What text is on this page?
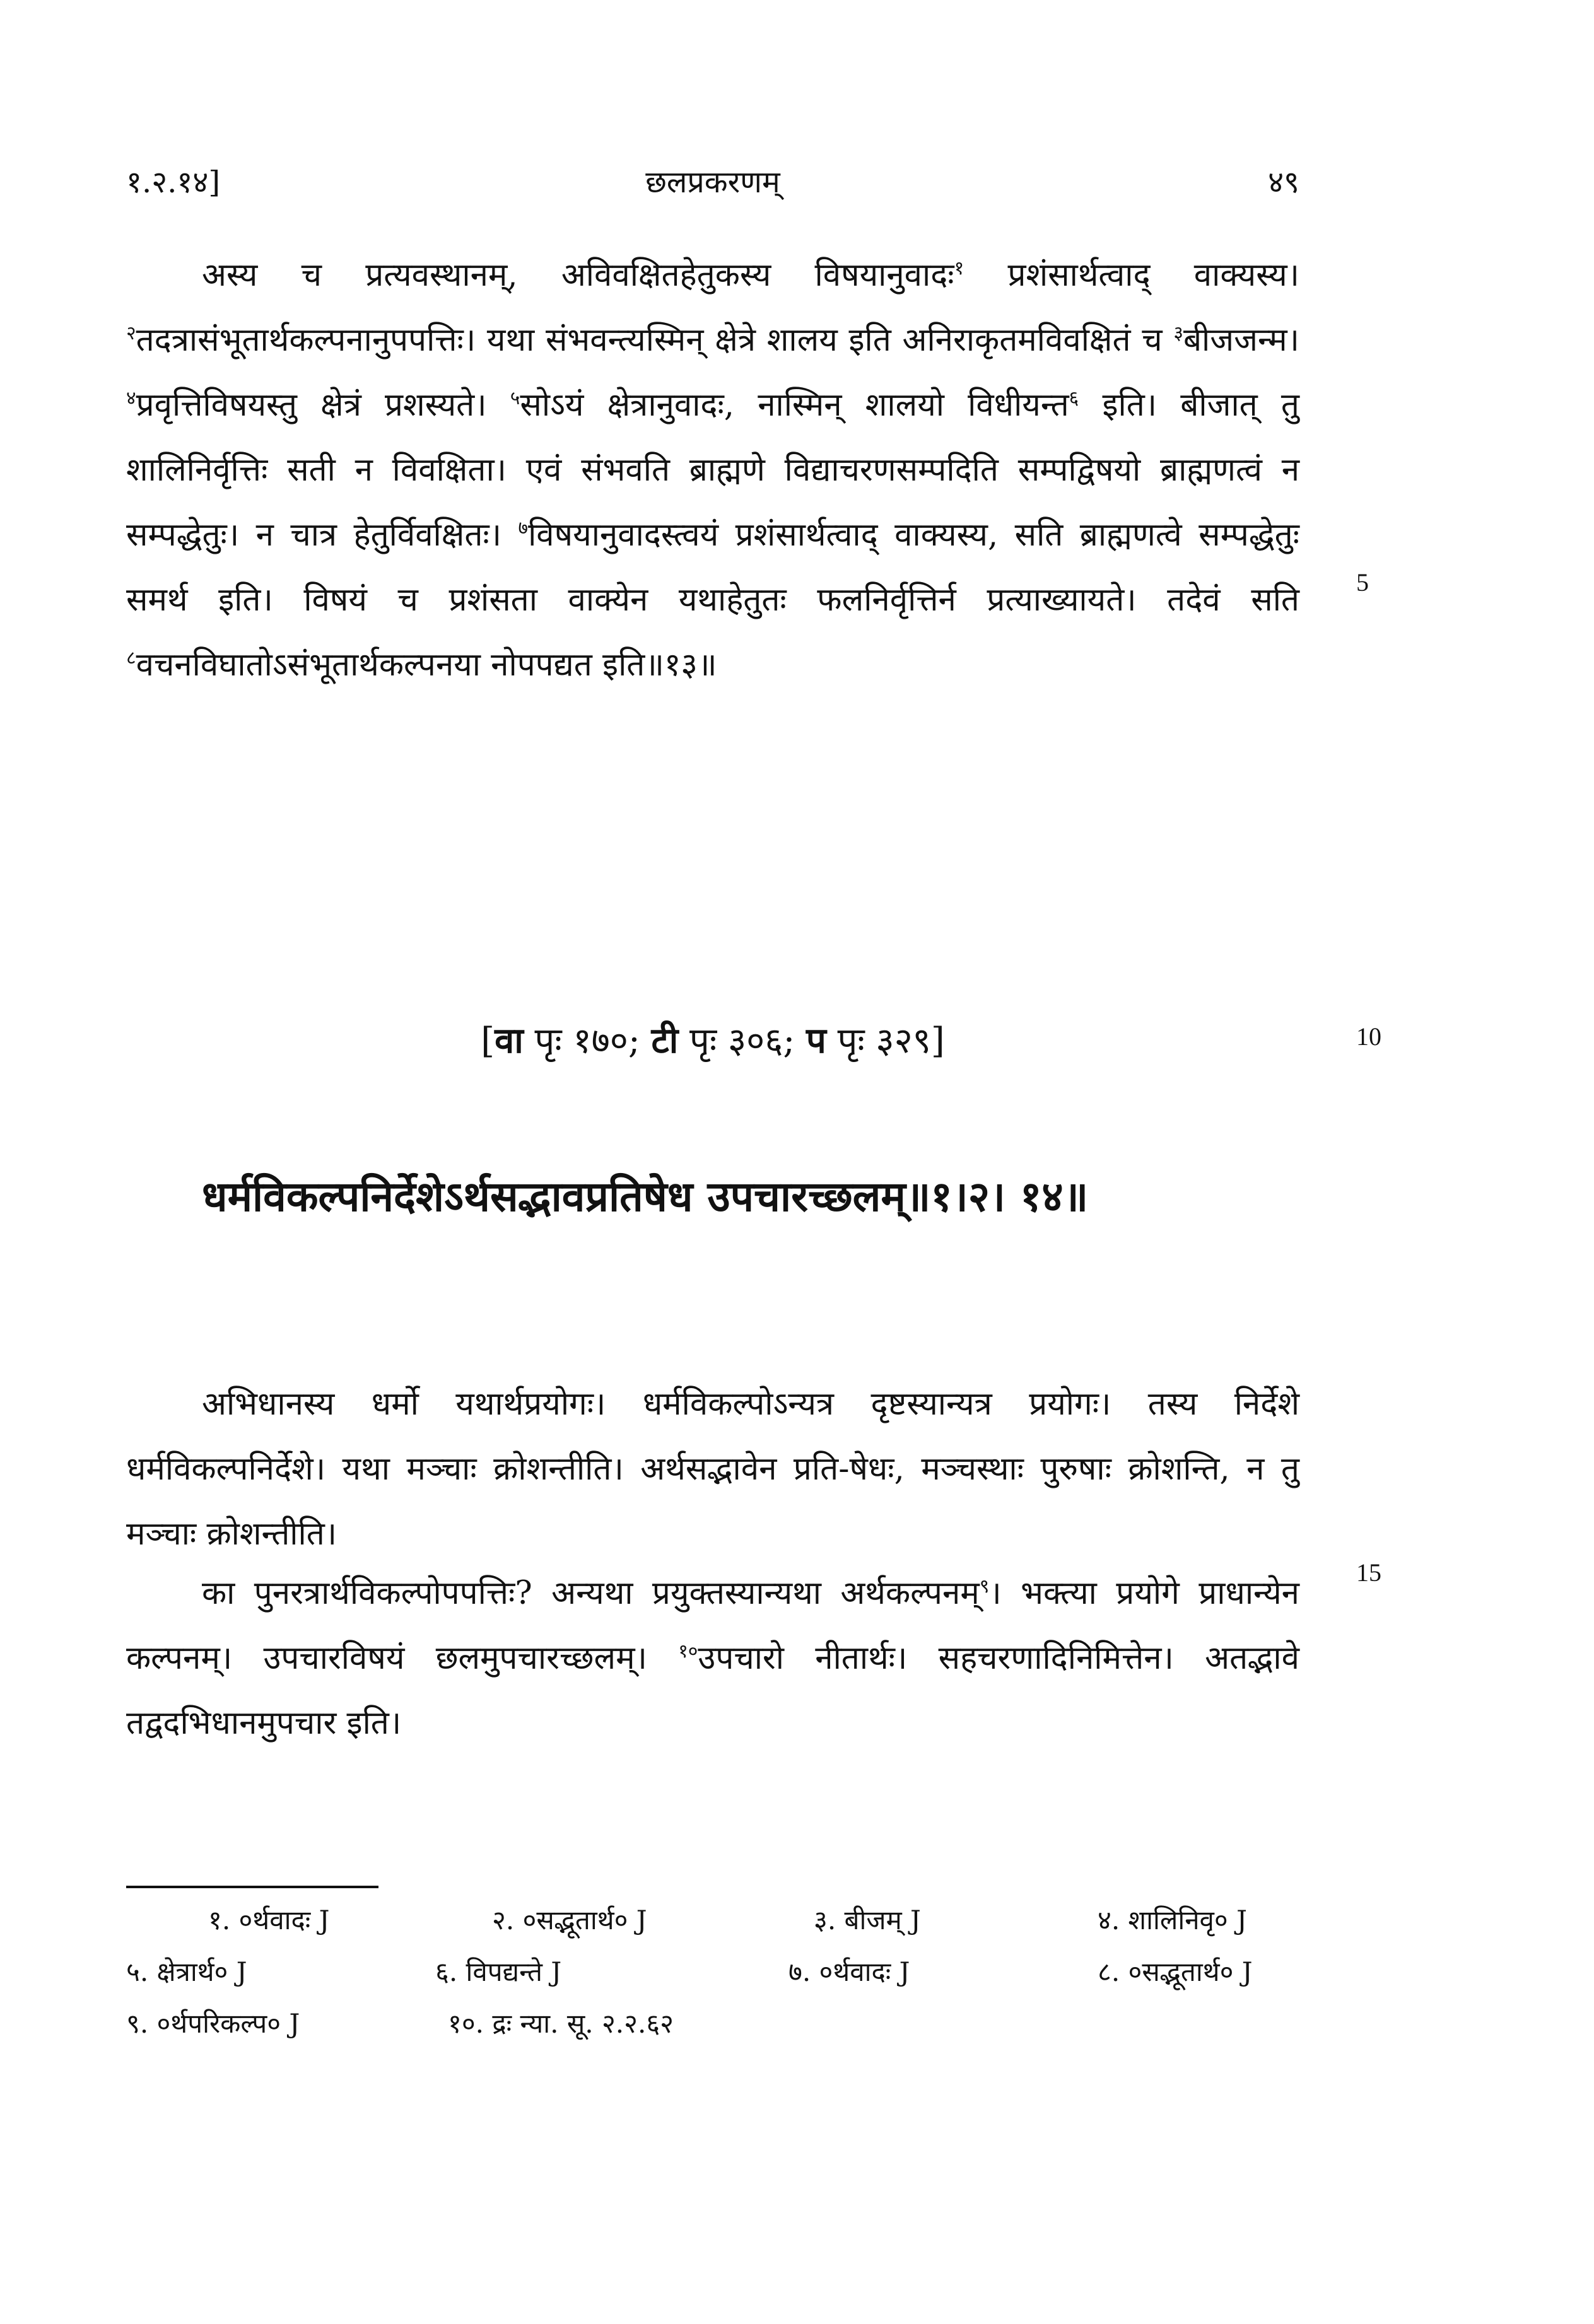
१.२.१४]	छलप्रकरणम्	४९

अस्य च प्रत्यवस्थानम्, अविवक्षितहेतुकस्य विषयानुवादः$^१$ प्रशंसार्थत्वाद् वाक्यस्य। $^२$तदत्रासंभूतार्थकल्पनानुपपत्तिः। यथा संभवन्त्यस्मिन् क्षेत्रे शालय इति अनिराकृतमविवक्षितं च $^३$बीजजन्म। $^४$प्रवृत्तिविषयस्तु क्षेत्रं प्रशस्यते। $^५$सोऽयं क्षेत्रानुवादः, नास्मिन् शालयो विधीयन्त$^६$ इति। बीजात् तु शालिनिर्वृत्तिः सती न विवक्षिता। एवं संभवति ब्राह्मणे विद्याचरणसम्पदिति सम्पद्विषयो ब्राह्मणत्वं न सम्पद्धेतुः। न चात्र हेतुर्विवक्षितः। $^७$विषयानुवादस्त्वयं प्रशंसार्थत्वाद् वाक्यस्य, सति ब्राह्मणत्वे सम्पद्धेतुः समर्थ इति। विषयं च प्रशंसता वाक्येन यथाहेतुतः फलनिर्वृत्तिर्न प्रत्याख्यायते। तदेवं सति $^८$वचनविघातोऽसंभूतार्थकल्पनया नोपपद्यत इति॥१३॥

[वा पृः १७०; टी पृः ३०६; प पृः ३२९]

धर्मविकल्पनिर्देशेऽर्थसद्भावप्रतिषेध उपचारच्छलम्॥१।२। १४॥

अभिधानस्य धर्मो यथार्थप्रयोगः। धर्मविकल्पोऽन्यत्र दृष्टस्यान्यत्र प्रयोगः। तस्य निर्देशे धर्मविकल्पनिर्देशे। यथा मञ्चाः क्रोशन्तीति। अर्थसद्भावेन प्रति-षेधः, मञ्चस्थाः पुरुषाः क्रोशन्ति, न तु मञ्चाः क्रोशन्तीति।

का पुनरत्रार्थविकल्पोपपत्तिः? अन्यथा प्रयुक्तस्यान्यथा अर्थकल्पनम्$^९$। भक्त्या प्रयोगे प्राधान्येन कल्पनम्। उपचारविषयं छलमुपचारच्छलम्। $^{१०}$उपचारो नीतार्थः। सहचरणादिनिमित्तेन। अतद्भावे तद्वदभिधानमुपचार इति।

5
10
15
१. ०र्थवादः J	२. ०सद्भूतार्थ० J	३. बीजम् J	४. शालिनिवृ० J
५. क्षेत्रार्थ० J	६. विपद्यन्ते J	७. ०र्थवादः J	८. ०सद्भूतार्थ० J
९. ०र्थपरिकल्प० J	१०. द्रः न्या. सू. २.२.६२
